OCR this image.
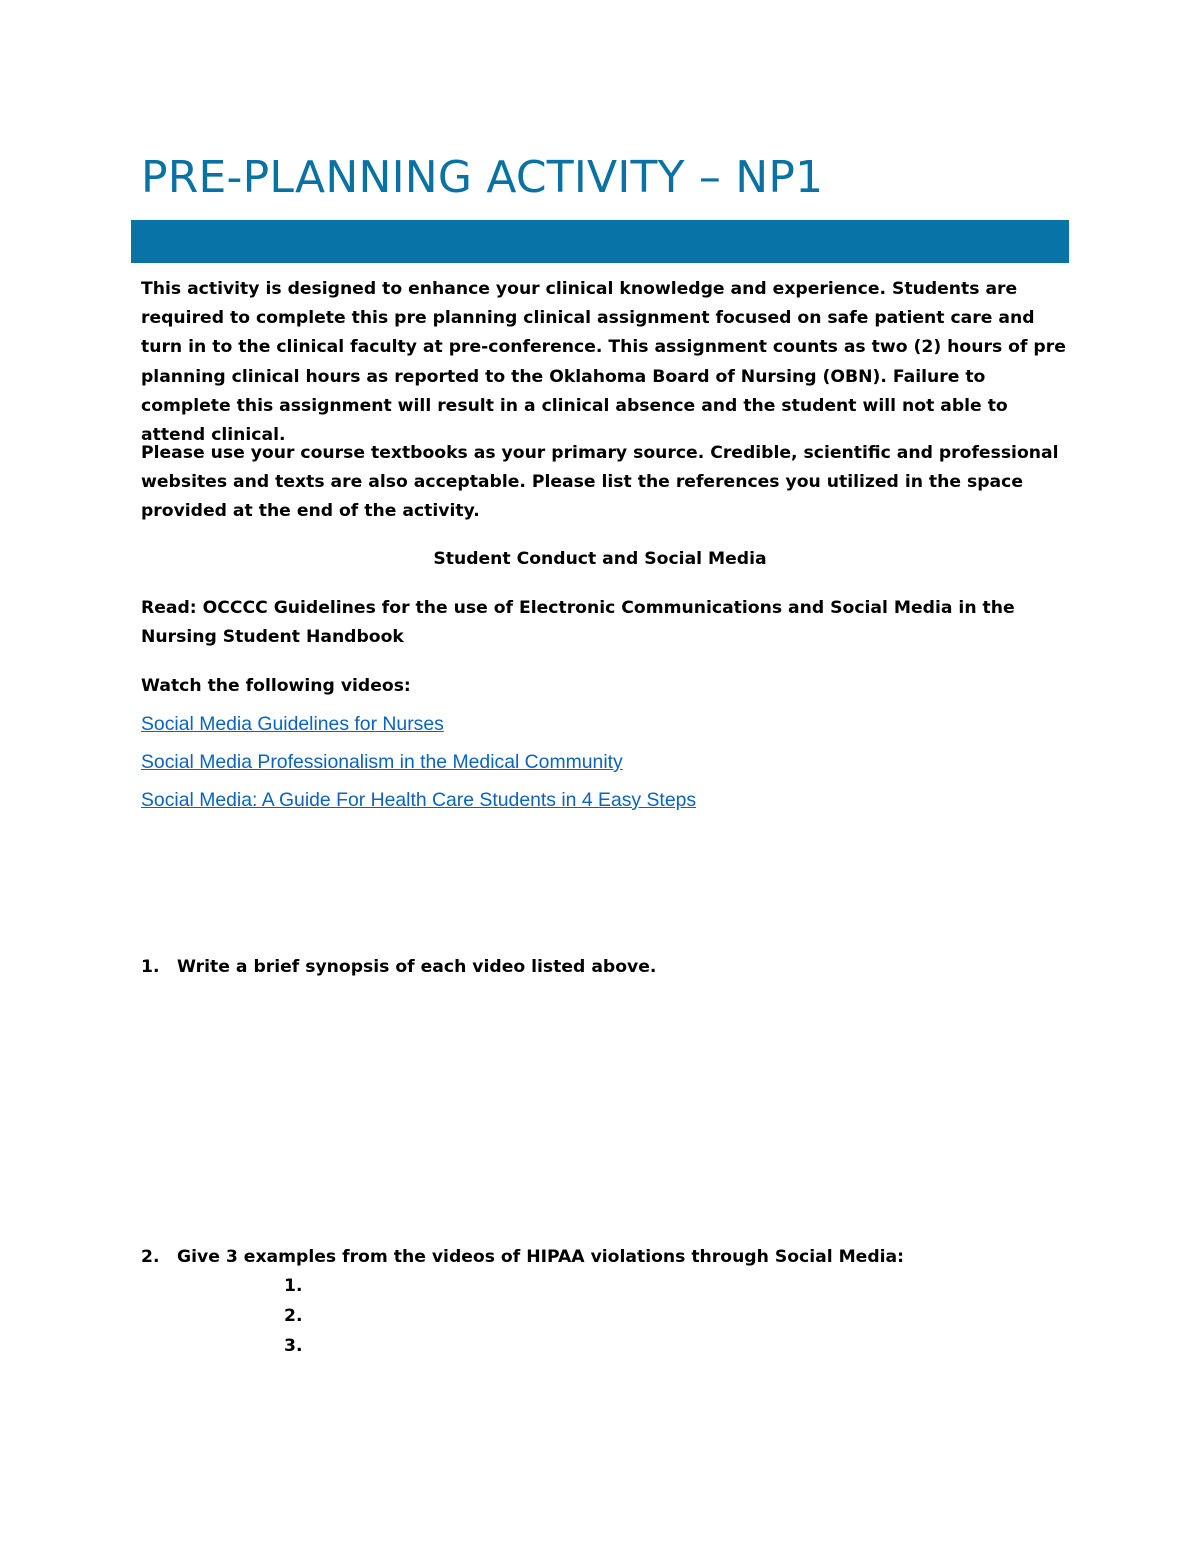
PRE-PLANNING ACTIVITY – NP1

This activity is designed to enhance your clinical knowledge and experience. Students are required to complete this pre planning clinical assignment focused on safe patient care and turn in to the clinical faculty at pre-conference. This assignment counts as two (2) hours of pre planning clinical hours as reported to the Oklahoma Board of Nursing (OBN). Failure to complete this assignment will result in a clinical absence and the student will not able to attend clinical.

Please use your course textbooks as your primary source. Credible, scientific and professional websites and texts are also acceptable. Please list the references you utilized in the space provided at the end of the activity.

Student Conduct and Social Media

Read: OCCCC Guidelines for the use of Electronic Communications and Social Media in the Nursing Student Handbook

Watch the following videos:

Social Media Guidelines for Nurses
Social Media Professionalism in the Medical Community
Social Media: A Guide For Health Care Students in 4 Easy Steps
1. Write a brief synopsis of each video listed above.
2. Give 3 examples from the videos of HIPAA violations through Social Media:
1.
2.
3.
